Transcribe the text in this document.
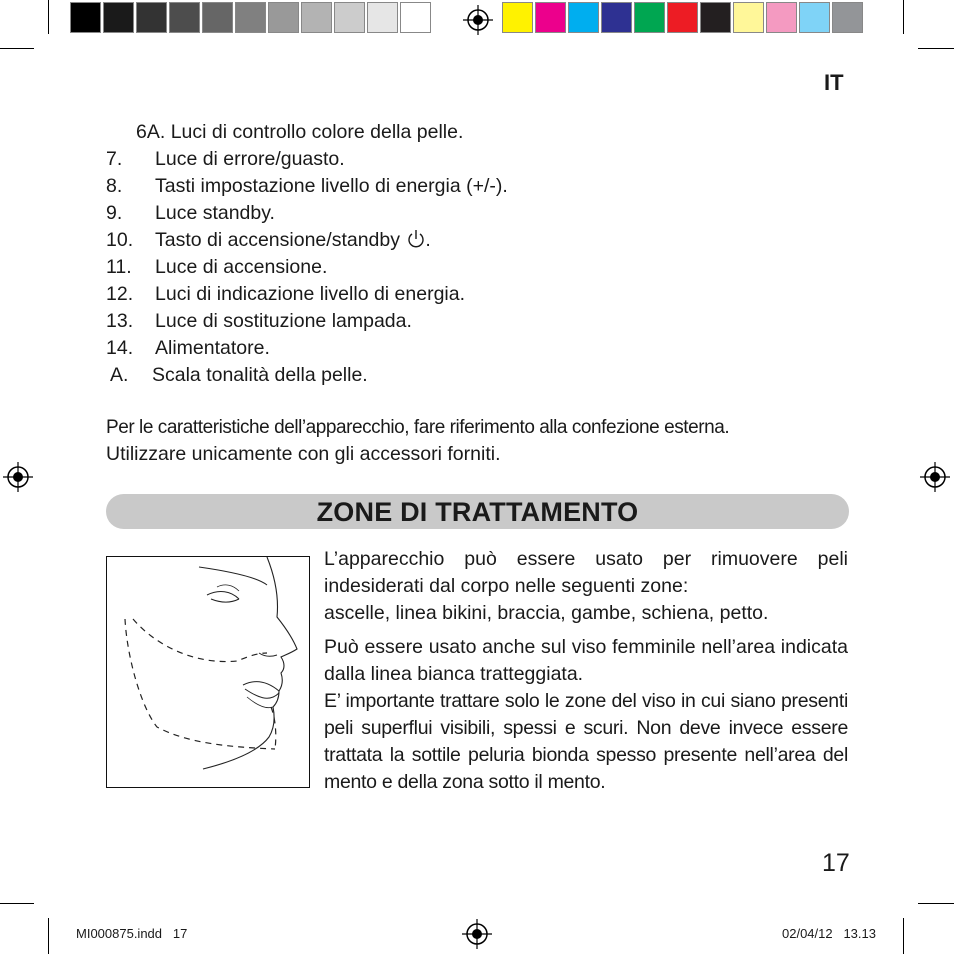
IT
6A. Luci di controllo colore della pelle.
7. Luce di errore/guasto.
8. Tasti impostazione livello di energia (+/-).
9. Luce standby.
10. Tasto di accensione/standby .
11. Luce di accensione.
12. Luci di indicazione livello di energia.
13. Luce di sostituzione lampada.
14. Alimentatore.
A. Scala tonalità della pelle.
Per le caratteristiche dell’apparecchio, fare riferimento alla confezione esterna.
Utilizzare unicamente con gli accessori forniti.
ZONE DI TRATTAMENTO
L’apparecchio può essere usato per rimuovere peli indesiderati dal corpo nelle seguenti zone:
ascelle, linea bikini, braccia, gambe, schiena, petto.
Può essere usato anche sul viso femminile nell’area indicata dalla linea bianca tratteggiata.
E’ importante trattare solo le zone del viso in cui siano presenti peli superflui visibili, spessi e scuri. Non deve invece essere trattata la sottile peluria bionda spesso presente nell’area del mento e della zona sotto il mento.
17
MI000875.indd   17	02/04/12   13.13
